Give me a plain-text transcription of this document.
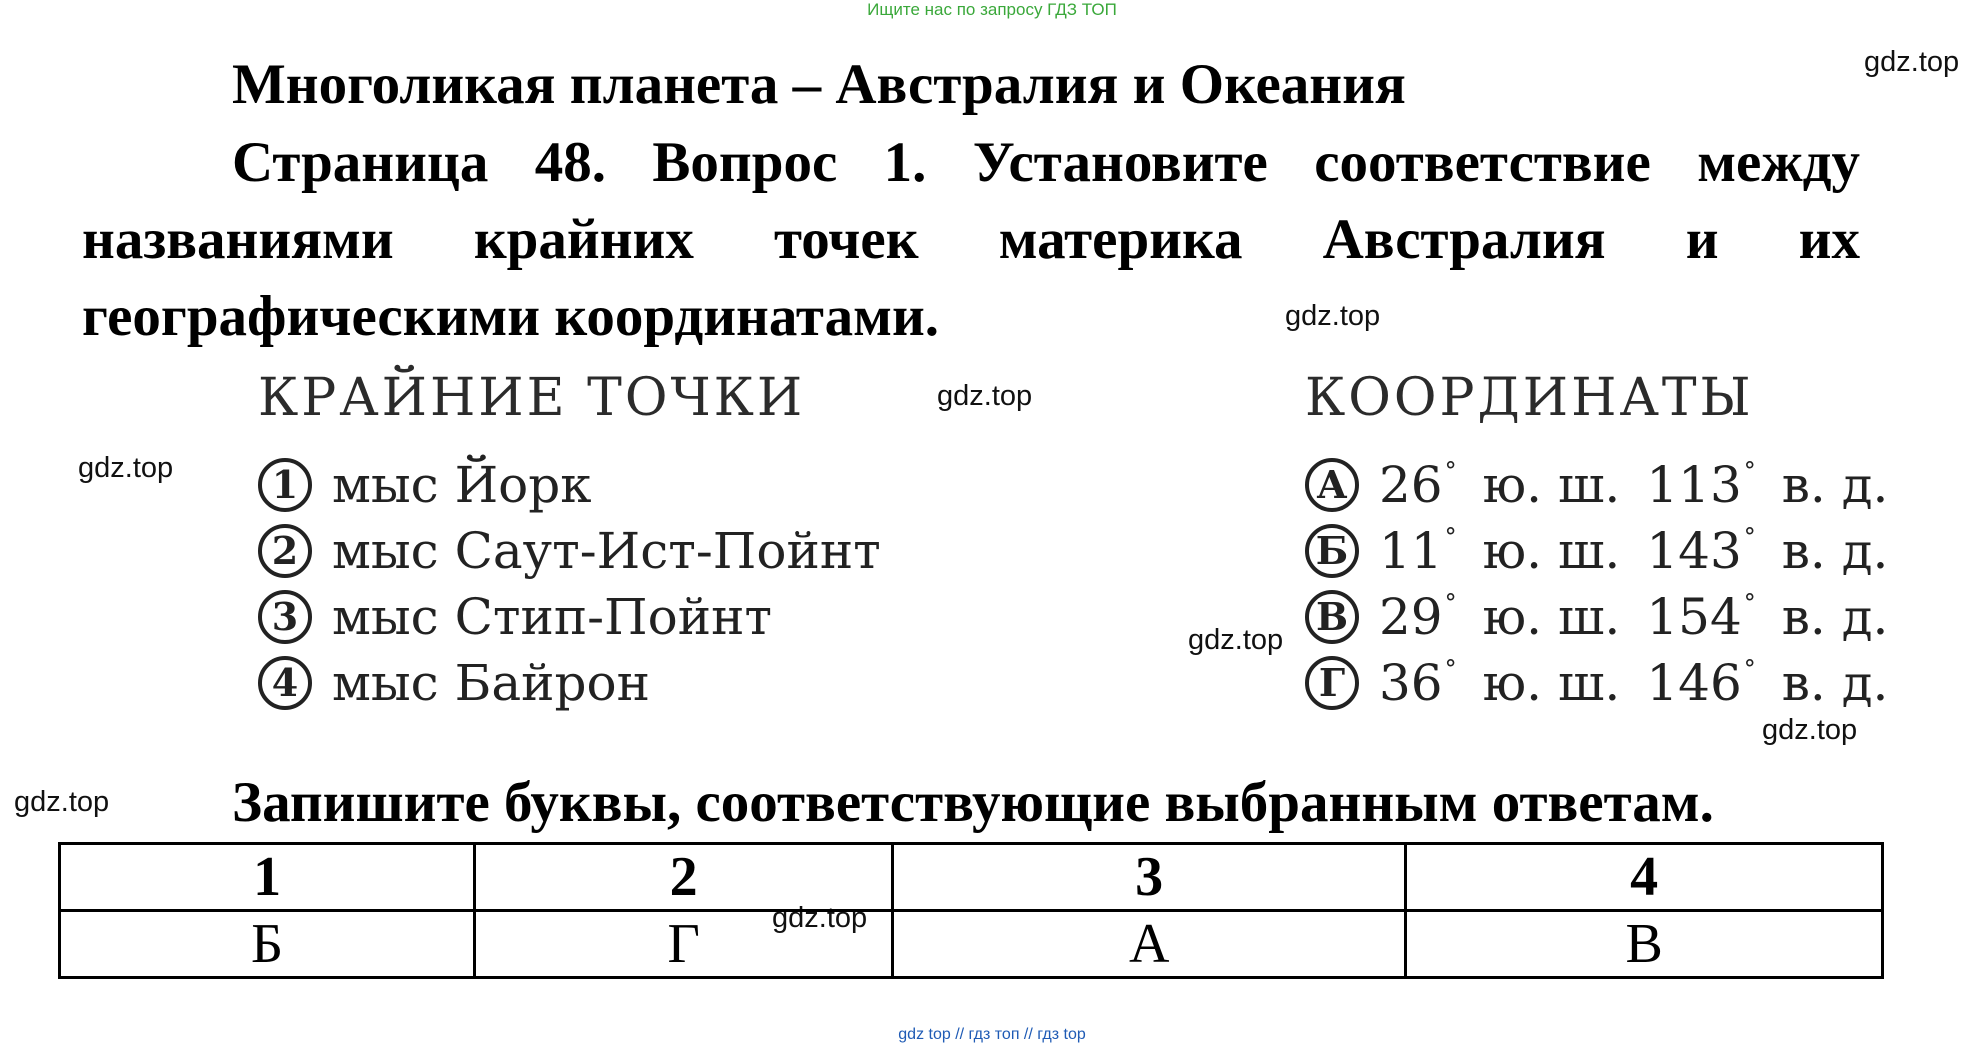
Ищите нас по запросу ГДЗ ТОП
gdz.top
gdz.top
gdz.top
gdz.top
gdz.top
gdz.top
gdz.top
gdz.top
Многоликая планета – Австралия и Океания
Страница 48. Вопрос 1. Установите соответствие между
названиями крайних точек материка Австралия и их
географическими координатами.
КРАЙНИЕ ТОЧКИ	КООРДИНАТЫ
1 мыс Йорк
2 мыс Саут-Ист-Пойнт
3 мыс Стип-Пойнт
4 мыс Байрон
А 26 ° ю. ш. 113 ° в. д.
Б 11 ° ю. ш. 143 ° в. д.
В 29 ° ю. ш. 154 ° в. д.
Г 36 ° ю. ш. 146 ° в. д.
Запишите буквы, соответствующие выбранным ответам.
1	2	3	4
Б	Г	А	В
gdz top // гдз топ // гдз top
